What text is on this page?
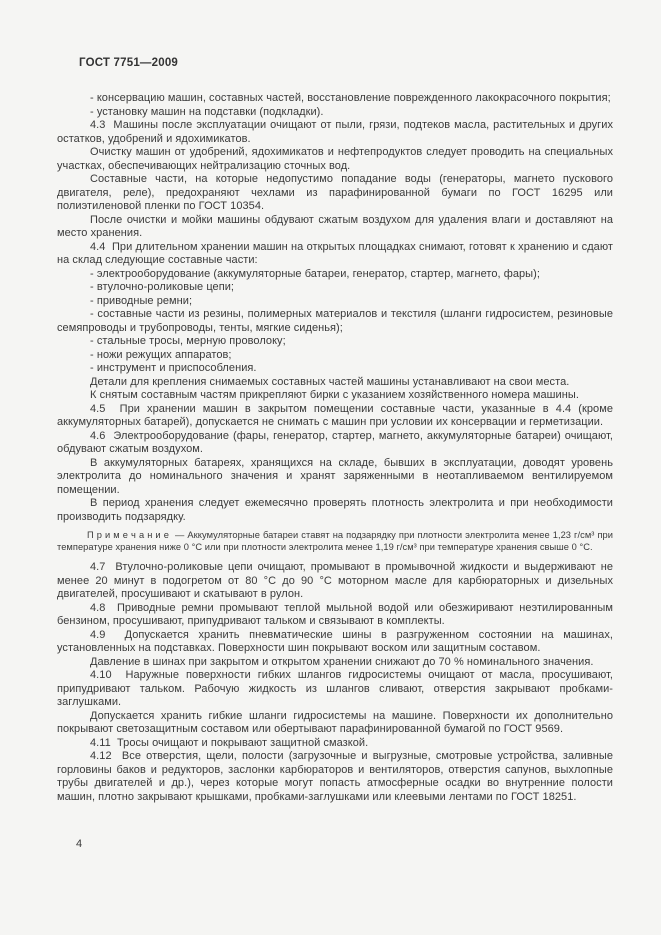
ГОСТ 7751—2009

- консервацию машин, составных частей, восстановление поврежденного лакокрасочного покрытия;

- установку машин на подставки (подкладки).

4.3  Машины после эксплуатации очищают от пыли, грязи, подтеков масла, растительных и других остатков, удобрений и ядохимикатов.

Очистку машин от удобрений, ядохимикатов и нефтепродуктов следует проводить на специальных участках, обеспечивающих нейтрализацию сточных вод.

Составные части, на которые недопустимо попадание воды (генераторы, магнето пускового двигателя, реле), предохраняют чехлами из парафинированной бумаги по ГОСТ 16295 или полиэтиленовой пленки по ГОСТ 10354.

После очистки и мойки машины обдувают сжатым воздухом для удаления влаги и доставляют на место хранения.

4.4  При длительном хранении машин на открытых площадках снимают, готовят к хранению и сдают на склад следующие составные части:

- электрооборудование (аккумуляторные батареи, генератор, стартер, магнето, фары);

- втулочно-роликовые цепи;

- приводные ремни;

- составные части из резины, полимерных материалов и текстиля (шланги гидросистем, резиновые семяпроводы и трубопроводы, тенты, мягкие сиденья);

- стальные тросы, мерную проволоку;

- ножи режущих аппаратов;

- инструмент и приспособления.

Детали для крепления снимаемых составных частей машины устанавливают на свои места.

К снятым составным частям прикрепляют бирки с указанием хозяйственного номера машины.

4.5  При хранении машин в закрытом помещении составные части, указанные в 4.4 (кроме аккумуляторных батарей), допускается не снимать с машин при условии их консервации и герметизации.

4.6  Электрооборудование (фары, генератор, стартер, магнето, аккумуляторные батареи) очищают, обдувают сжатым воздухом.

В аккумуляторных батареях, хранящихся на складе, бывших в эксплуатации, доводят уровень электролита до номинального значения и хранят заряженными в неотапливаемом вентилируемом помещении.

В период хранения следует ежемесячно проверять плотность электролита и при необходимости производить подзарядку.

П р и м е ч а н и е  — Аккумуляторные батареи ставят на подзарядку при плотности электролита менее 1,23 г/см³ при температуре хранения ниже 0 °С или при плотности электролита менее 1,19 г/см³ при температуре хранения свыше 0 °С.

4.7  Втулочно-роликовые цепи очищают, промывают в промывочной жидкости и выдерживают не менее 20 минут в подогретом от 80 °С до 90 °С моторном масле для карбюраторных и дизельных двигателей, просушивают и скатывают в рулон.

4.8  Приводные ремни промывают теплой мыльной водой или обезжиривают неэтилированным бензином, просушивают, припудривают тальком и связывают в комплекты.

4.9  Допускается хранить пневматические шины в разгруженном состоянии на машинах, установленных на подставках. Поверхности шин покрывают воском или защитным составом.

Давление в шинах при закрытом и открытом хранении снижают до 70 % номинального значения.

4.10  Наружные поверхности гибких шлангов гидросистемы очищают от масла, просушивают, припудривают тальком. Рабочую жидкость из шлангов сливают, отверстия закрывают пробками-заглушками.

Допускается хранить гибкие шланги гидросистемы на машине. Поверхности их дополнительно покрывают светозащитным составом или обертывают парафинированной бумагой по ГОСТ 9569.

4.11  Тросы очищают и покрывают защитной смазкой.

4.12  Все отверстия, щели, полости (загрузочные и выгрузные, смотровые устройства, заливные горловины баков и редукторов, заслонки карбюраторов и вентиляторов, отверстия сапунов, выхлопные трубы двигателей и др.), через которые могут попасть атмосферные осадки во внутренние полости машин, плотно закрывают крышками, пробками-заглушками или клеевыми лентами по ГОСТ 18251.

4
